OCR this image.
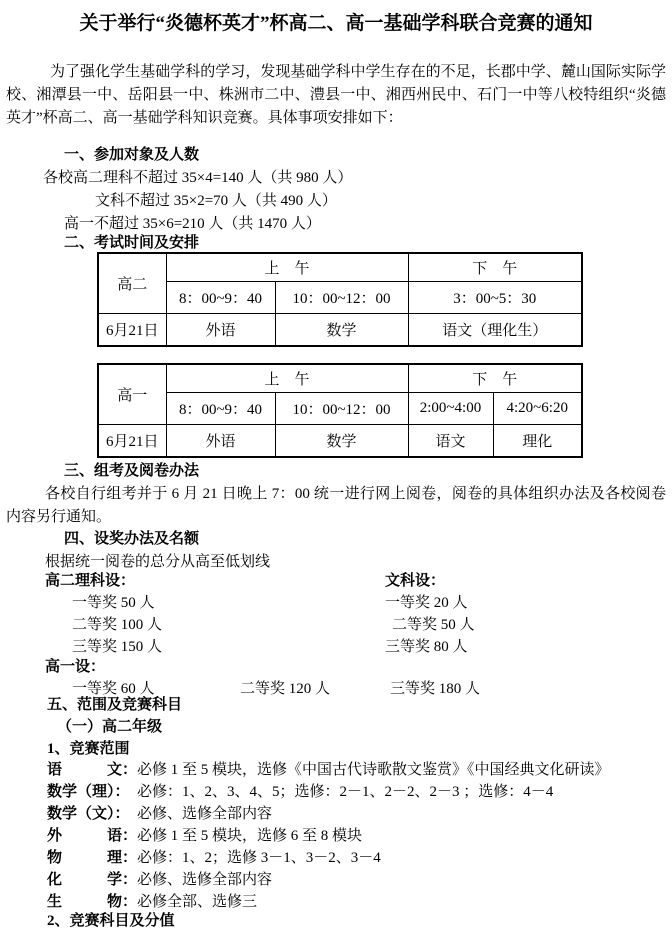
关于举行“炎德杯英才”杯高二、高一基础学科联合竞赛的通知
为了强化学生基础学科的学习，发现基础学科中学生存在的不足，长郡中学、麓山国际实际学校、湘潭县一中、岳阳县一中、株洲市二中、澧县一中、湘西州民中、石门一中等八校特组织“炎德英才”杯高二、高一基础学科知识竞赛。具体事项安排如下：
一、参加对象及人数
各校高二理科不超过 35×4=140 人（共 980 人）
文科不超过 35×2=70 人（共 490 人）
高一不超过 35×6=210 人（共 1470 人）
二、考试时间及安排
高二	上　午		下　午
	8：00~9：40	10：00~12：00	3：00~5：30
6月21日	外语	数学	语文（理化生）
高一	上　午		下　午	
	8：00~9：40	10：00~12：00	2:00~4:00	4:20~6:20
6月21日	外语	数学	语文	理化
三、组考及阅卷办法
各校自行组考并于 6 月 21 日晚上 7：00 统一进行网上阅卷，阅卷的具体组织办法及各校阅卷内容另行通知。
四、设奖办法及名额
根据统一阅卷的总分从高至低划线
高二理科设：	文科设：
一等奖 50 人	一等奖 20 人
二等奖 100 人	二等奖 50 人
三等奖 150 人	三等奖 80 人
高一设：
一等奖 60 人	二等奖 120 人	三等奖 180 人
五、范围及竞赛科目
（一）高二年级
1、竞赛范围
语　　　文：必修 1 至 5 模块，选修《中国古代诗歌散文鉴赏》《中国经典文化研读》
数学（理）： 必修：1、2、3、4、5；选修：2－1、2－2、2－3 ；选修：4－4
数学（文）： 必修、选修全部内容
外　　　语：必修 1 至 5 模块，选修 6 至 8 模块
物　　　理：必修：1、2；选修 3－1、3－2、3－4
化　　　学：必修、选修全部内容
生　　　物：必修全部、选修三
2、竞赛科目及分值
